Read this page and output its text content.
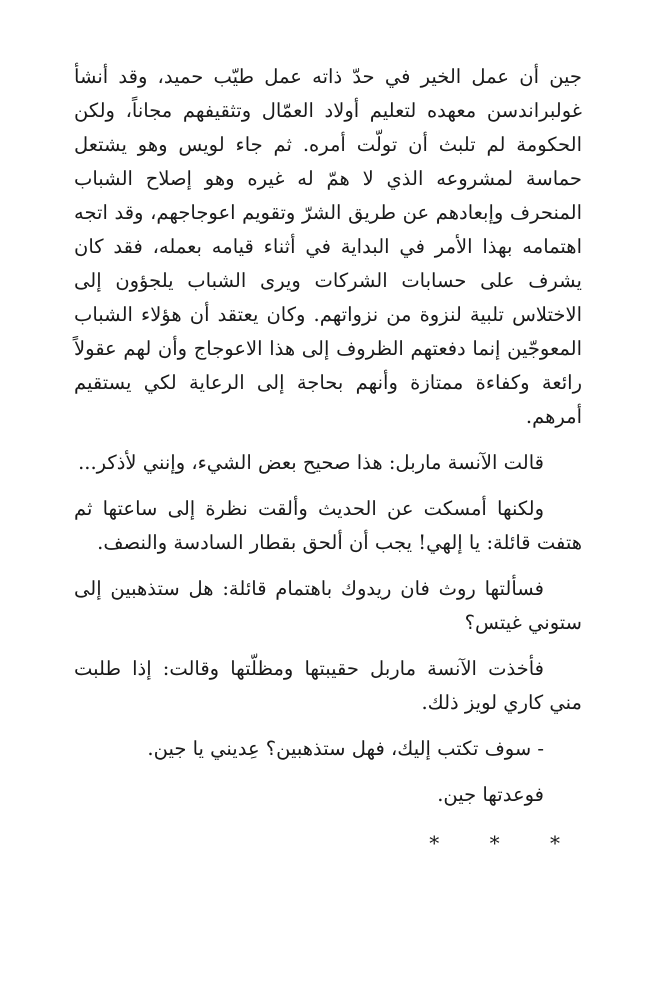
جين أن عمل الخير في حدّ ذاته عمل طيّب حميد، وقد أنشأ غولبراندسن معهده لتعليم أولاد العمّال وتثقيفهم مجاناً، ولكن الحكومة لم تلبث أن تولّت أمره. ثم جاء لويس وهو يشتعل حماسة لمشروعه الذي لا همّ له غيره وهو إصلاح الشباب المنحرف وإبعادهم عن طريق الشرّ وتقويم اعوجاجهم، وقد اتجه اهتمامه بهذا الأمر في البداية في أثناء قيامه بعمله، فقد كان يشرف على حسابات الشركات ويرى الشباب يلجؤون إلى الاختلاس تلبية لنزوة من نزواتهم. وكان يعتقد أن هؤلاء الشباب المعوجّين إنما دفعتهم الظروف إلى هذا الاعوجاج وأن لهم عقولاً رائعة وكفاءة ممتازة وأنهم بحاجة إلى الرعاية لكي يستقيم أمرهم.

قالت الآنسة ماربل: هذا صحيح بعض الشيء، وإنني لأذكر...

ولكنها أمسكت عن الحديث وألقت نظرة إلى ساعتها ثم هتفت قائلة: يا إلهي! يجب أن ألحق بقطار السادسة والنصف.

فسألتها روث فان ريدوك باهتمام قائلة: هل ستذهبين إلى ستوني غيتس؟

فأخذت الآنسة ماربل حقيبتها ومظلّتها وقالت: إذا طلبت مني كاري لويز ذلك.

- سوف تكتب إليك، فهل ستذهبين؟ عِديني يا جين.

فوعدتها جين.

* * *
